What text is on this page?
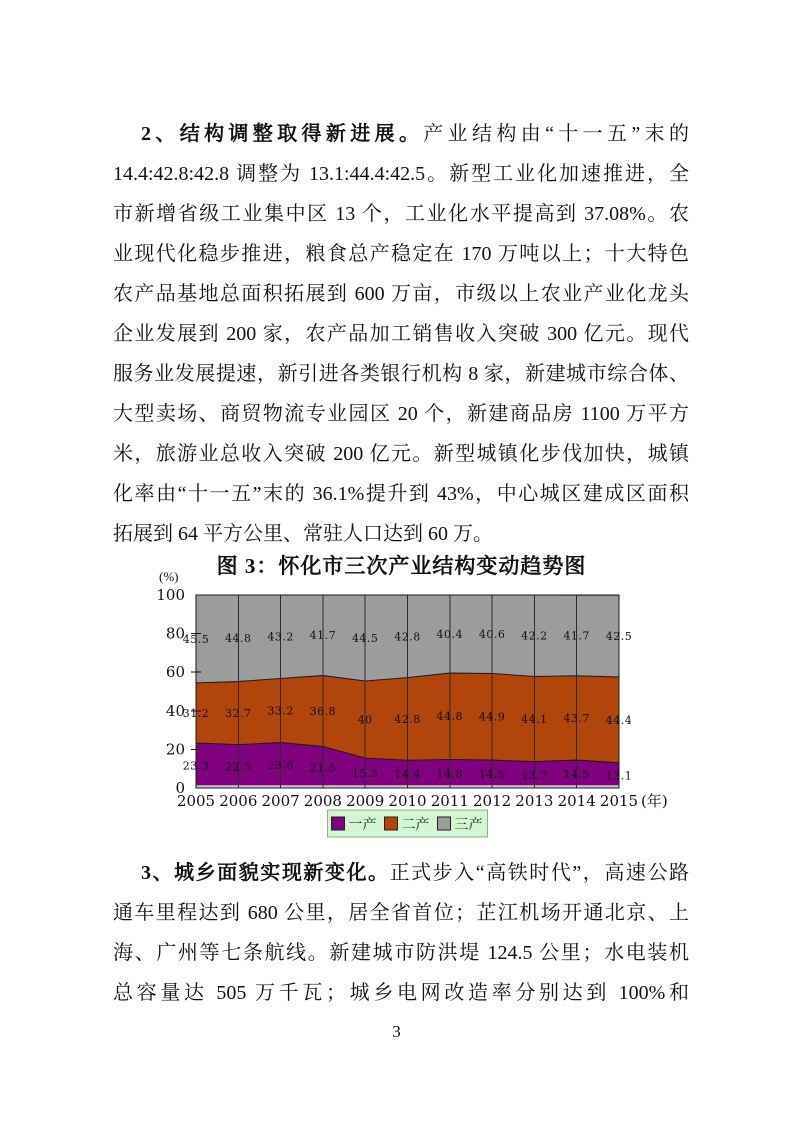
2、结构调整取得新进展。产业结构由“十一五”末的
14.4:42.8:42.8 调整为 13.1:44.4:42.5。新型工业化加速推进，全
市新增省级工业集中区 13 个，工业化水平提高到 37.08%。农
业现代化稳步推进，粮食总产稳定在 170 万吨以上；十大特色
农产品基地总面积拓展到 600 万亩，市级以上农业产业化龙头
企业发展到 200 家，农产品加工销售收入突破 300 亿元。现代
服务业发展提速，新引进各类银行机构 8 家，新建城市综合体、
大型卖场、商贸物流专业园区 20 个，新建商品房 1100 万平方
米，旅游业总收入突破 200 亿元。新型城镇化步伐加快，城镇
化率由“十一五”末的 36.1%提升到 43%，中心城区建成区面积
拓展到 64 平方公里、常驻人口达到 60 万。
图 3：怀化市三次产业结构变动趋势图
(%)
0
20
40
60
80
100
2005 2006 2007 2008 2009 2010 2011 2012 2013 2014 2015 (年)
23.3 22.5 23.6 21.5 15.5 14.4 14.8 14.5 13.7 14.5 13.1
31.2 32.7 33.2 36.8
40 42.8 44.8 44.9 44.1 43.7 44.4
45.5 44.8 43.2 41.7 44.5 42.8 40.4 40.6 42.2 41.7 42.5
一产 二产 三产
3、城乡面貌实现新变化。正式步入“高铁时代”，高速公路
通车里程达到 680 公里，居全省首位；芷江机场开通北京、上
海、广州等七条航线。新建城市防洪堤 124.5 公里；水电装机
总容量达 505 万千瓦；城乡电网改造率分别达到 100%和
3
